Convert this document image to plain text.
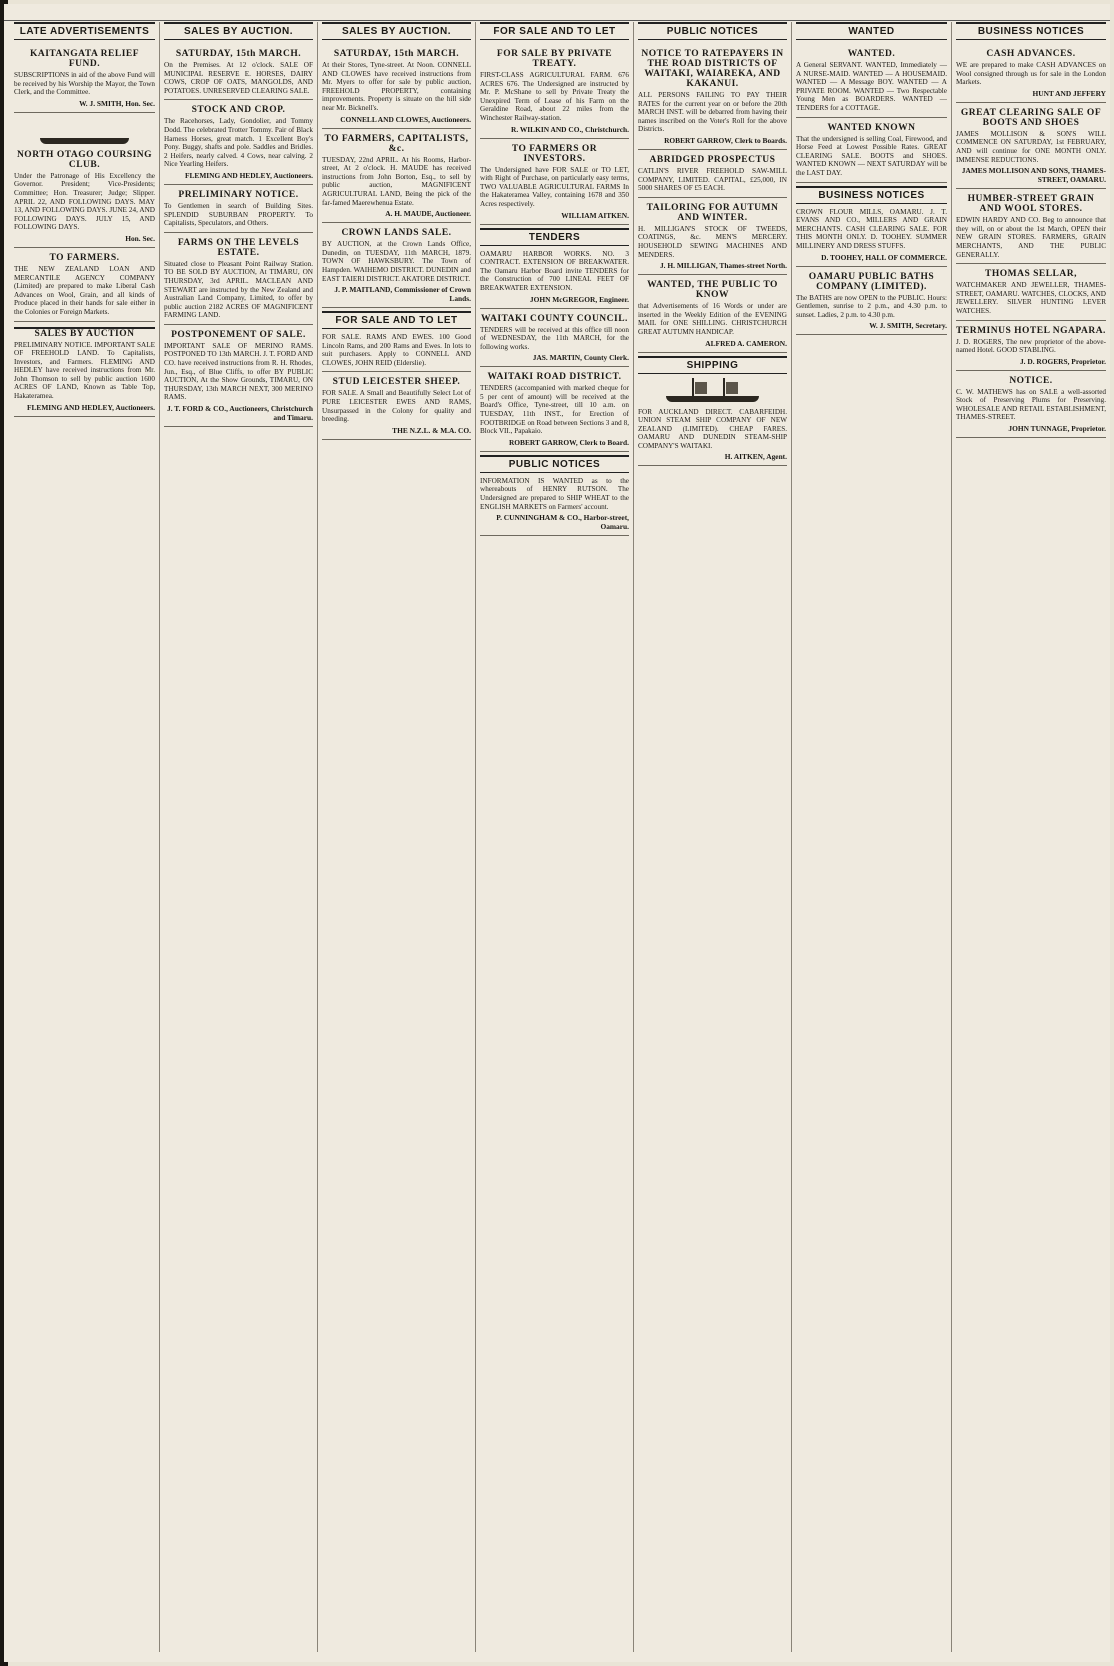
LATE ADVERTISEMENTS
KAITANGATA RELIEF FUND.
SUBSCRIPTIONS in aid of the above Fund will be received by his Worship the Mayor, the Town Clerk, and the Committee.
W. J. SMITH, Hon. Sec.
NORTH OTAGO COURSING CLUB.
Under the Patronage of His Excellency the Governor. President; Vice-Presidents; Committee; Hon. Treasurer; Judge; Slipper. APRIL 22, AND FOLLOWING DAYS. MAY 13, AND FOLLOWING DAYS. JUNE 24, AND FOLLOWING DAYS. JULY 15, AND FOLLOWING DAYS.
Hon. Sec.
TO FARMERS.
THE NEW ZEALAND LOAN AND MERCANTILE AGENCY COMPANY (Limited) are prepared to make Liberal Cash Advances on Wool, Grain, and all kinds of Produce placed in their hands for sale either in the Colonies or Foreign Markets.
SALES BY AUCTION
PRELIMINARY NOTICE. IMPORTANT SALE OF FREEHOLD LAND. To Capitalists, Investors, and Farmers. FLEMING AND HEDLEY have received instructions from Mr. John Thomson to sell by public auction 1600 ACRES OF LAND, Known as Table Top, Hakateramea.
FLEMING AND HEDLEY, Auctioneers.
SALES BY AUCTION.
SATURDAY, 15th MARCH.
On the Premises. At 12 o'clock. SALE OF MUNICIPAL RESERVE E. HORSES, DAIRY COWS, CROP OF OATS, MANGOLDS, AND POTATOES. UNRESERVED CLEARING SALE.
STOCK AND CROP.
The Racehorses, Lady, Gondolier, and Tommy Dodd. The celebrated Trotter Tommy. Pair of Black Harness Horses, great match. 1 Excellent Boy's Pony. Buggy, shafts and pole. Saddles and Bridles. 2 Heifers, nearly calved. 4 Cows, near calving. 2 Nice Yearling Heifers.
FLEMING AND HEDLEY, Auctioneers.
PRELIMINARY NOTICE.
To Gentlemen in search of Building Sites. SPLENDID SUBURBAN PROPERTY. To Capitalists, Speculators, and Others.
FARMS ON THE LEVELS ESTATE.
Situated close to Pleasant Point Railway Station. TO BE SOLD BY AUCTION, At TIMARU, ON THURSDAY, 3rd APRIL. MACLEAN AND STEWART are instructed by the New Zealand and Australian Land Company, Limited, to offer by public auction 2182 ACRES OF MAGNIFICENT FARMING LAND.
POSTPONEMENT OF SALE.
IMPORTANT SALE OF MERINO RAMS. POSTPONED TO 13th MARCH. J. T. FORD AND CO. have received instructions from R. H. Rhodes, Jun., Esq., of Blue Cliffs, to offer BY PUBLIC AUCTION, At the Show Grounds, TIMARU, ON THURSDAY, 13th MARCH NEXT, 300 MERINO RAMS.
J. T. FORD & CO., Auctioneers, Christchurch and Timaru.
SALES BY AUCTION.
SATURDAY, 15th MARCH.
At their Stores, Tyne-street. At Noon. CONNELL AND CLOWES have received instructions from Mr. Myers to offer for sale by public auction, FREEHOLD PROPERTY, containing improvements. Property is situate on the hill side near Mr. Bicknell's.
CONNELL AND CLOWES, Auctioneers.
TO FARMERS, CAPITALISTS, &c.
TUESDAY, 22nd APRIL. At his Rooms, Harbor-street, At 2 o'clock. H. MAUDE has received instructions from John Borton, Esq., to sell by public auction, MAGNIFICENT AGRICULTURAL LAND, Being the pick of the far-famed Maerewhenua Estate.
A. H. MAUDE, Auctioneer.
CROWN LANDS SALE.
BY AUCTION, at the Crown Lands Office, Dunedin, on TUESDAY, 11th MARCH, 1879. TOWN OF HAWKSBURY. The Town of Hampden. WAIHEMO DISTRICT. DUNEDIN and EAST TAIERI DISTRICT. AKATORE DISTRICT.
J. P. MAITLAND, Commissioner of Crown Lands.
FOR SALE AND TO LET
FOR SALE. RAMS AND EWES. 100 Good Lincoln Rams, and 200 Rams and Ewes. In lots to suit purchasers. Apply to CONNELL AND CLOWES, JOHN REID (Elderslie).
STUD LEICESTER SHEEP.
FOR SALE. A Small and Beautifully Select Lot of PURE LEICESTER EWES AND RAMS, Unsurpassed in the Colony for quality and breeding.
THE N.Z.L. & M.A. CO.
FOR SALE AND TO LET
FOR SALE BY PRIVATE TREATY.
FIRST-CLASS AGRICULTURAL FARM. 676 ACRES 676. The Undersigned are instructed by Mr. P. McShane to sell by Private Treaty the Unexpired Term of Lease of his Farm on the Geraldine Road, about 22 miles from the Winchester Railway-station.
R. WILKIN AND CO., Christchurch.
TO FARMERS OR INVESTORS.
The Undersigned have FOR SALE or TO LET, with Right of Purchase, on particularly easy terms, TWO VALUABLE AGRICULTURAL FARMS In the Hakateramea Valley, containing 1678 and 350 Acres respectively.
WILLIAM AITKEN.
TENDERS
OAMARU HARBOR WORKS. NO. 3 CONTRACT. EXTENSION OF BREAKWATER. The Oamaru Harbor Board invite TENDERS for the Construction of 700 LINEAL FEET OF BREAKWATER EXTENSION.
JOHN McGREGOR, Engineer.
WAITAKI COUNTY COUNCIL.
TENDERS will be received at this office till noon of WEDNESDAY, the 11th MARCH, for the following works.
JAS. MARTIN, County Clerk.
WAITAKI ROAD DISTRICT.
TENDERS (accompanied with marked cheque for 5 per cent of amount) will be received at the Board's Office, Tyne-street, till 10 a.m. on TUESDAY, 11th INST., for Erection of FOOTBRIDGE on Road between Sections 3 and 8, Block VII., Papakaio.
ROBERT GARROW, Clerk to Board.
PUBLIC NOTICES
INFORMATION IS WANTED as to the whereabouts of HENRY RUTSON. The Undersigned are prepared to SHIP WHEAT to the ENGLISH MARKETS on Farmers' account.
P. CUNNINGHAM & CO., Harbor-street, Oamaru.
PUBLIC NOTICES
NOTICE TO RATEPAYERS IN THE ROAD DISTRICTS OF WAITAKI, WAIAREKA, AND KAKANUI.
ALL PERSONS FAILING TO PAY THEIR RATES for the current year on or before the 20th MARCH INST. will be debarred from having their names inscribed on the Voter's Roll for the above Districts.
ROBERT GARROW, Clerk to Boards.
ABRIDGED PROSPECTUS
CATLIN'S RIVER FREEHOLD SAW-MILL COMPANY, LIMITED. CAPITAL, £25,000, IN 5000 SHARES OF £5 EACH.
TAILORING FOR AUTUMN AND WINTER.
H. MILLIGAN'S STOCK OF TWEEDS, COATINGS, &c. MEN'S MERCERY. HOUSEHOLD SEWING MACHINES AND MENDERS.
J. H. MILLIGAN, Thames-street North.
WANTED, THE PUBLIC TO KNOW
that Advertisements of 16 Words or under are inserted in the Weekly Edition of the EVENING MAIL for ONE SHILLING. CHRISTCHURCH GREAT AUTUMN HANDICAP.
ALFRED A. CAMERON.
SHIPPING
FOR AUCKLAND DIRECT. CABARFEIDH. UNION STEAM SHIP COMPANY OF NEW ZEALAND (LIMITED). CHEAP FARES. OAMARU AND DUNEDIN STEAM-SHIP COMPANY'S WAITAKI.
H. AITKEN, Agent.
WANTED
WANTED.
A General SERVANT. WANTED, Immediately — A NURSE-MAID. WANTED — A HOUSEMAID. WANTED — A Message BOY. WANTED — A PRIVATE ROOM. WANTED — Two Respectable Young Men as BOARDERS. WANTED — TENDERS for a COTTAGE.
WANTED KNOWN
That the undersigned is selling Coal, Firewood, and Horse Feed at Lowest Possible Rates. GREAT CLEARING SALE. BOOTS and SHOES. WANTED KNOWN — NEXT SATURDAY will be the LAST DAY.
BUSINESS NOTICES
CROWN FLOUR MILLS, OAMARU. J. T. EVANS AND CO., MILLERS AND GRAIN MERCHANTS. CASH CLEARING SALE. FOR THIS MONTH ONLY. D. TOOHEY. SUMMER MILLINERY AND DRESS STUFFS.
D. TOOHEY, HALL OF COMMERCE.
OAMARU PUBLIC BATHS COMPANY (LIMITED).
The BATHS are now OPEN to the PUBLIC. Hours: Gentlemen, sunrise to 2 p.m., and 4.30 p.m. to sunset. Ladies, 2 p.m. to 4.30 p.m.
W. J. SMITH, Secretary.
BUSINESS NOTICES
CASH ADVANCES.
WE are prepared to make CASH ADVANCES on Wool consigned through us for sale in the London Markets.
HUNT AND JEFFERY
GREAT CLEARING SALE OF BOOTS AND SHOES
JAMES MOLLISON & SON'S WILL COMMENCE ON SATURDAY, 1st FEBRUARY, AND will continue for ONE MONTH ONLY. IMMENSE REDUCTIONS.
JAMES MOLLISON AND SONS, THAMES-STREET, OAMARU.
HUMBER-STREET GRAIN AND WOOL STORES.
EDWIN HARDY AND CO. Beg to announce that they will, on or about the 1st March, OPEN their NEW GRAIN STORES. FARMERS, GRAIN MERCHANTS, AND THE PUBLIC GENERALLY.
THOMAS SELLAR,
WATCHMAKER AND JEWELLER, THAMES-STREET, OAMARU. WATCHES, CLOCKS, AND JEWELLERY. SILVER HUNTING LEVER WATCHES.
TERMINUS HOTEL NGAPARA.
J. D. ROGERS, The new proprietor of the above-named Hotel. GOOD STABLING.
J. D. ROGERS, Proprietor.
NOTICE.
C. W. MATHEWS has on SALE a well-assorted Stock of Preserving Plums for Preserving. WHOLESALE AND RETAIL ESTABLISHMENT, THAMES-STREET.
JOHN TUNNAGE, Proprietor.
